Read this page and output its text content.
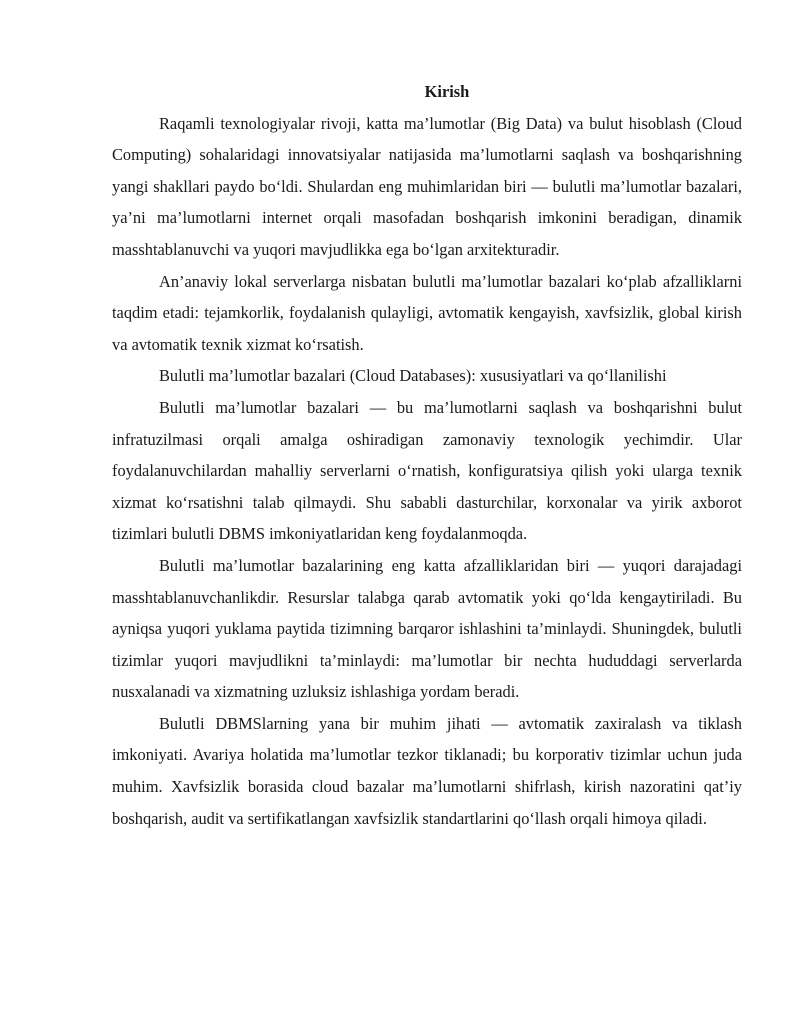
Kirish

Raqamli texnologiyalar rivoji, katta ma’lumotlar (Big Data) va bulut hisoblash (Cloud Computing) sohalaridagi innovatsiyalar natijasida ma’lumotlarni saqlash va boshqarishning yangi shakllari paydo bo‘ldi. Shulardan eng muhimlaridan biri — bulutli ma’lumotlar bazalari, ya’ni ma’lumotlarni internet orqali masofadan boshqarish imkonini beradigan, dinamik masshtablanuvchi va yuqori mavjudlikka ega bo‘lgan arxitekturadir.

An’anaviy lokal serverlarga nisbatan bulutli ma’lumotlar bazalari ko‘plab afzalliklarni taqdim etadi: tejamkorlik, foydalanish qulayligi, avtomatik kengayish, xavfsizlik, global kirish va avtomatik texnik xizmat ko‘rsatish.

Bulutli ma’lumotlar bazalari (Cloud Databases): xususiyatlari va qo‘llanilishi

Bulutli ma’lumotlar bazalari — bu ma’lumotlarni saqlash va boshqarishni bulut infratuzilmasi orqali amalga oshiradigan zamonaviy texnologik yechimdir. Ular foydalanuvchilardan mahalliy serverlarni o‘rnatish, konfiguratsiya qilish yoki ularga texnik xizmat ko‘rsatishni talab qilmaydi. Shu sababli dasturchilar, korxonalar va yirik axborot tizimlari bulutli DBMS imkoniyatlaridan keng foydalanmoqda.

Bulutli ma’lumotlar bazalarining eng katta afzalliklaridan biri — yuqori darajadagi masshtablanuvchanlikdir. Resurslar talabga qarab avtomatik yoki qo‘lda kengaytiriladi. Bu ayniqsa yuqori yuklama paytida tizimning barqaror ishlashini ta’minlaydi. Shuningdek, bulutli tizimlar yuqori mavjudlikni ta’minlaydi: ma’lumotlar bir nechta hududdagi serverlarda nusxalanadi va xizmatning uzluksiz ishlashiga yordam beradi.

Bulutli DBMSlarning yana bir muhim jihati — avtomatik zaxiralash va tiklash imkoniyati. Avariya holatida ma’lumotlar tezkor tiklanadi; bu korporativ tizimlar uchun juda muhim. Xavfsizlik borasida cloud bazalar ma’lumotlarni shifrlash, kirish nazoratini qat’iy boshqarish, audit va sertifikatlangan xavfsizlik standartlarini qo‘llash orqali himoya qiladi.
